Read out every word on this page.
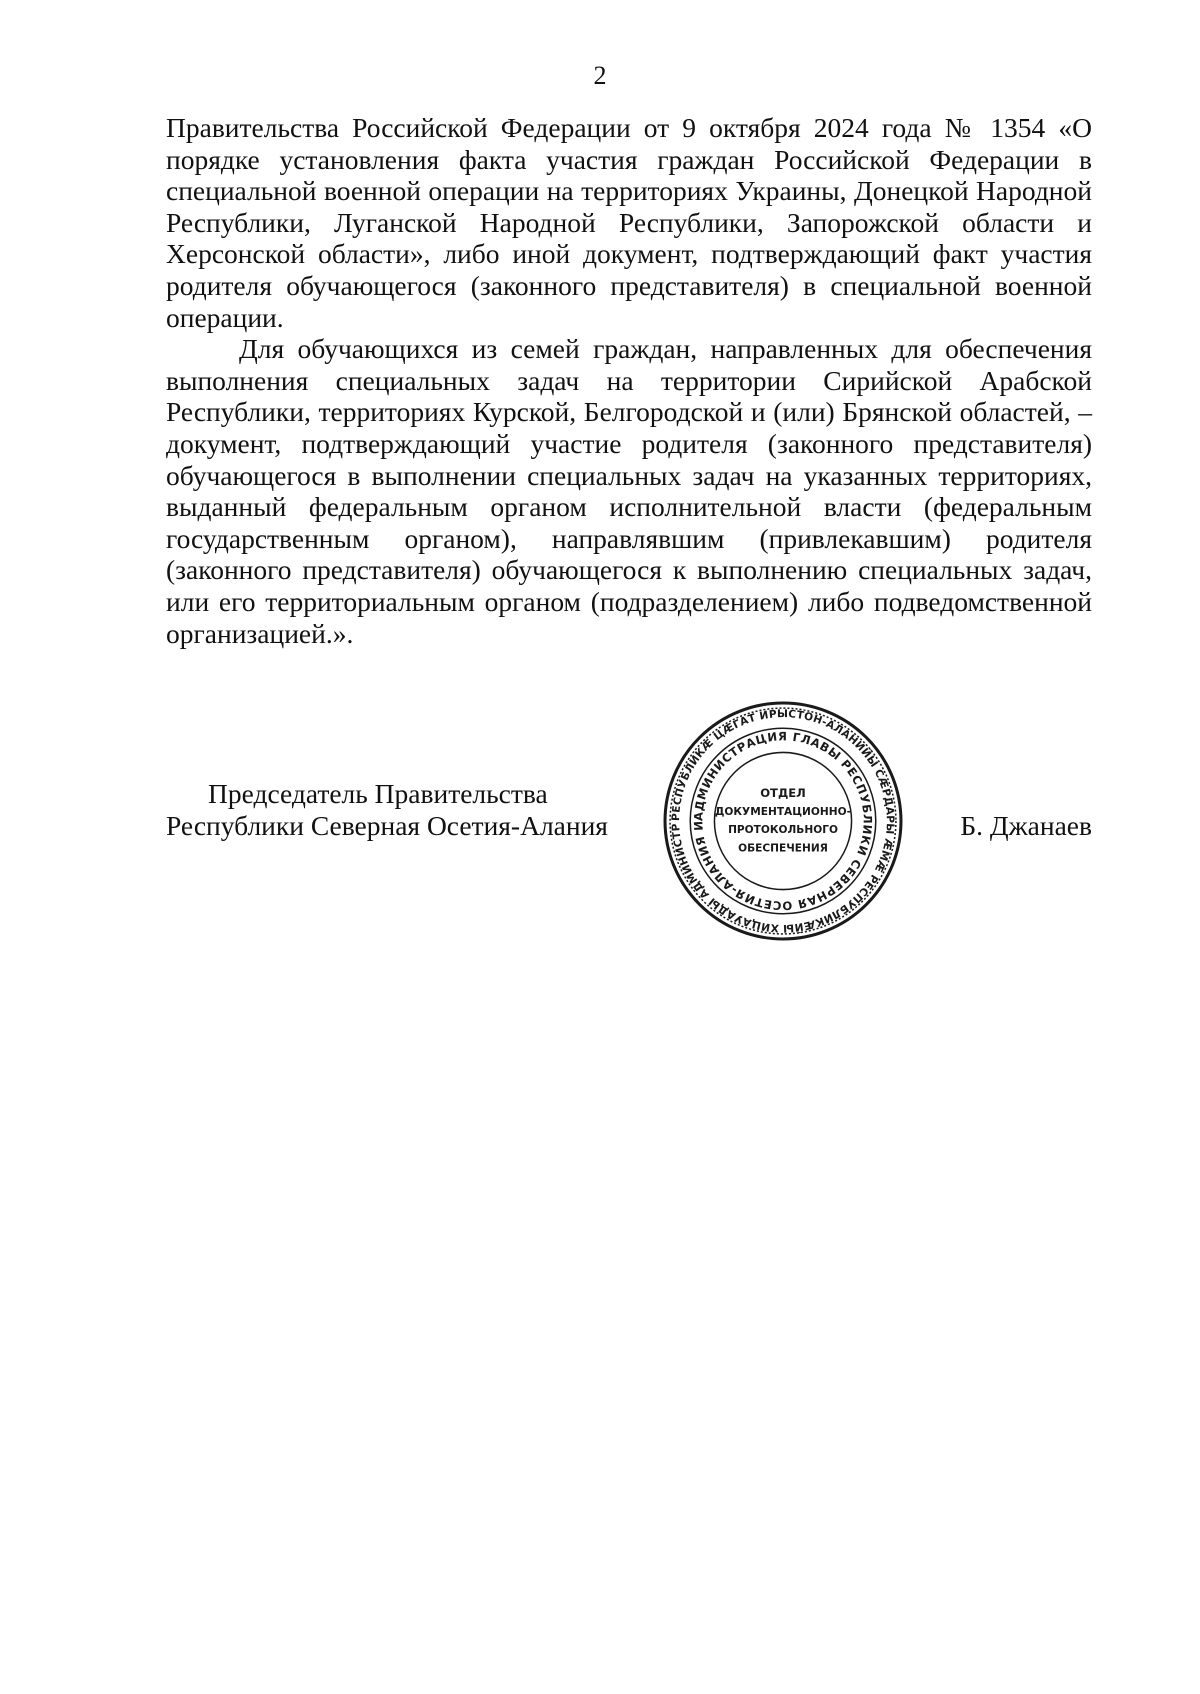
2

Правительства Российской Федерации от 9 октября 2024 года № 1354 «О порядке установления факта участия граждан Российской Федерации в специальной военной операции на территориях Украины, Донецкой Народной Республики, Луганской Народной Республики, Запорожской области и Херсонской области», либо иной документ, подтверждающий факт участия родителя обучающегося (законного представителя) в специальной военной операции.

Для обучающихся из семей граждан, направленных для обеспечения выполнения специальных задач на территории Сирийской Арабской Республики, территориях Курской, Белгородской и (или) Брянской областей, – документ, подтверждающий участие родителя (законного представителя) обучающегося в выполнении специальных задач на указанных территориях, выданный федеральным органом исполнительной власти (федеральным государственным органом), направлявшим (привлекавшим) родителя (законного представителя) обучающегося к выполнению специальных задач, или его территориальным органом (подразделением) либо подведомственной организацией.».

Председатель Правительства
Республики Северная Осетия-Алания	Б. Джанаев
РЕСПУБЛИКӔ ЦӔГАТ ИРЫСТОН-АЛАНИЙЫ СӔРДАРЫ ӔМӔ РЕСПУБЛИКӔЙЫ ХИЦАУАДЫ АДМИНИСТР
АДМИНИСТРАЦИЯ ГЛАВЫ РЕСПУБЛИКИ СЕВЕРНАЯ ОСЕТИЯ-АЛАНИЯ И
ОТДЕЛ
ДОКУМЕНТАЦИОННО-
ПРОТОКОЛЬНОГО
ОБЕСПЕЧЕНИЯ
